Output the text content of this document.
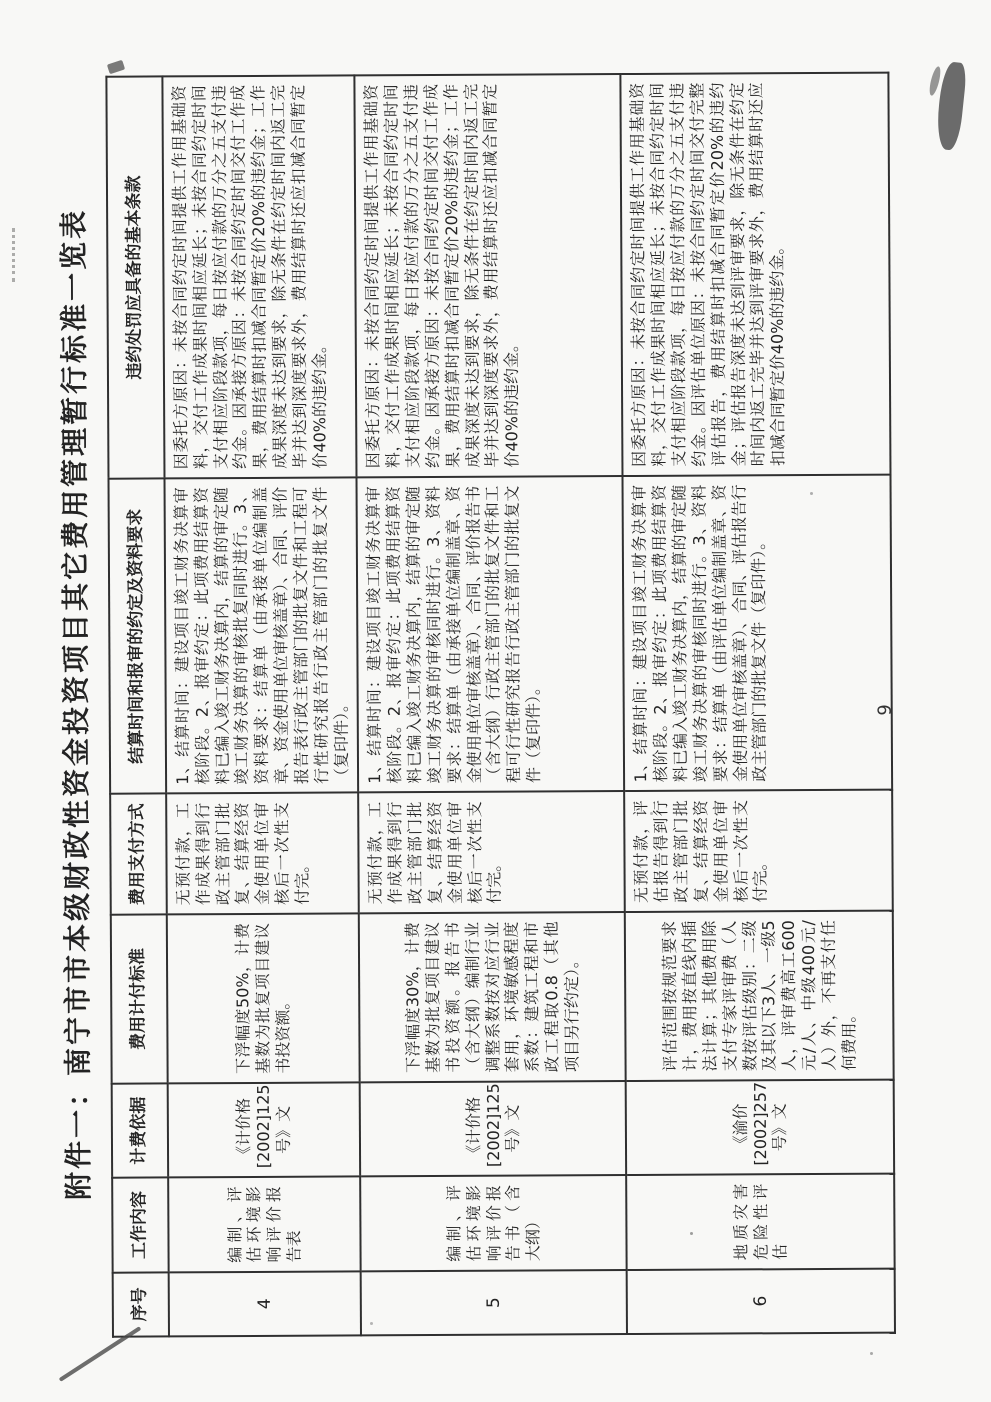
附件一：南宁市市本级财政性资金投资项目其它费用管理暂行标准一览表
序号	工作内容	计费依据	费用计付标准	费用支付方式	结算时间和报审的约定及资料要求	违约处罚应具备的基本条款
4	编制、评估环境影响评价报告表	《计价格[2002]125号》文	下浮幅度50%，计费基数为批复项目建议书投资额。	无预付款，工作成果得到行政主管部门批复、结算经资金使用单位审核后一次性支付完。	1、结算时间：建设项目竣工财务决算审核阶段。2、报审约定：此项费用结算资料已编入竣工财务决算内，结算的审定随竣工财务决算的审核批复同时进行。3、资料要求：结算单（由承接单位编制盖章、资金使用单位审核盖章）、合同、评价报告表行政主管部门的批复文件和工程可行性研究报告行政主管部门的批复文件（复印件）。	因委托方原因：未按合同约定时间提供工作用基础资料，交付工作成果时间相应延长；未按合同约定时间支付相应阶段款项，每日按应付款的万分之五支付违约金。因承接方原因：未按合同约定时间交付工作成果，费用结算时扣减合同暂定价20%的违约金；工作成果深度未达到要求，除无条件在约定时间内返工完毕并达到深度要求外，费用结算时还应扣减合同暂定价40%的违约金。
5	编制、评估环境影响评价报告书（含大纲）	《计价格[2002]125号》文	下浮幅度30%，计费基数为批复项目建议书投资额。报告书（含大纲）编制行业调整系数按对应行业套用，环境敏感程度系数：建筑工程和市政工程取0.8（其他项目另行约定）。	无预付款，工作成果得到行政主管部门批复、结算经资金使用单位审核后一次性支付完。	1、结算时间：建设项目竣工财务决算审核阶段。2、报审约定：此项费用结算资料已编入竣工财务决算内，结算的审定随竣工财务决算的审核同时进行。3、资料要求：结算单（由承接单位编制盖章、资金使用单位审核盖章）、合同、评价报告书（含大纲）行政主管部门的批复文件和工程可行性研究报告行政主管部门的批复文件（复印件）。	因委托方原因：未按合同约定时间提供工作用基础资料，交付工作成果时间相应延长；未按合同约定时间支付相应阶段款项，每日按应付款的万分之五支付违约金。因承接方原因：未按合同约定时间交付工作成果，费用结算时扣减合同暂定价20%的违约金；工作成果深度未达到要求，除无条件在约定时间内返工完毕并达到深度要求外，费用结算时还应扣减合同暂定价40%的违约金。
6	地质灾害危险性评估	《渝价[2002]257号》文	评估范围按规范要求计，费用按直线内插法计算；其他费用除支付专家评审费（人数按评估级别：二级及其以下3人、一级5人，评审费高工600元/人、中级400元/人）外，不再支付任何费用。	无预付款，评估报告得到行政主管部门批复、结算经资金使用单位审核后一次性支付完。	1、结算时间：建设项目竣工财务决算审核阶段。2、报审约定：此项费用结算资料已编入竣工财务决算内，结算的审定随竣工财务决算的审核同时进行。3、资料要求：结算单（由评估单位编制盖章、资金使用单位审核盖章）、合同、评估报告行政主管部门的批复文件（复印件）。	因委托方原因：未按合同约定时间提供工作用基础资料，交付工作成果时间相应延长；未按合同约定时间支付相应阶段款项，每日按应付款的万分之五支付违约金。因评估单位原因：未按合同约定时间交付完整评估报告，费用结算时扣减合同暂定价20%的违约金；评估报告深度未达到评审要求，除无条件在约定时间内返工完毕并达到评审要求外，费用结算时还应扣减合同暂定价40%的违约金。
9
